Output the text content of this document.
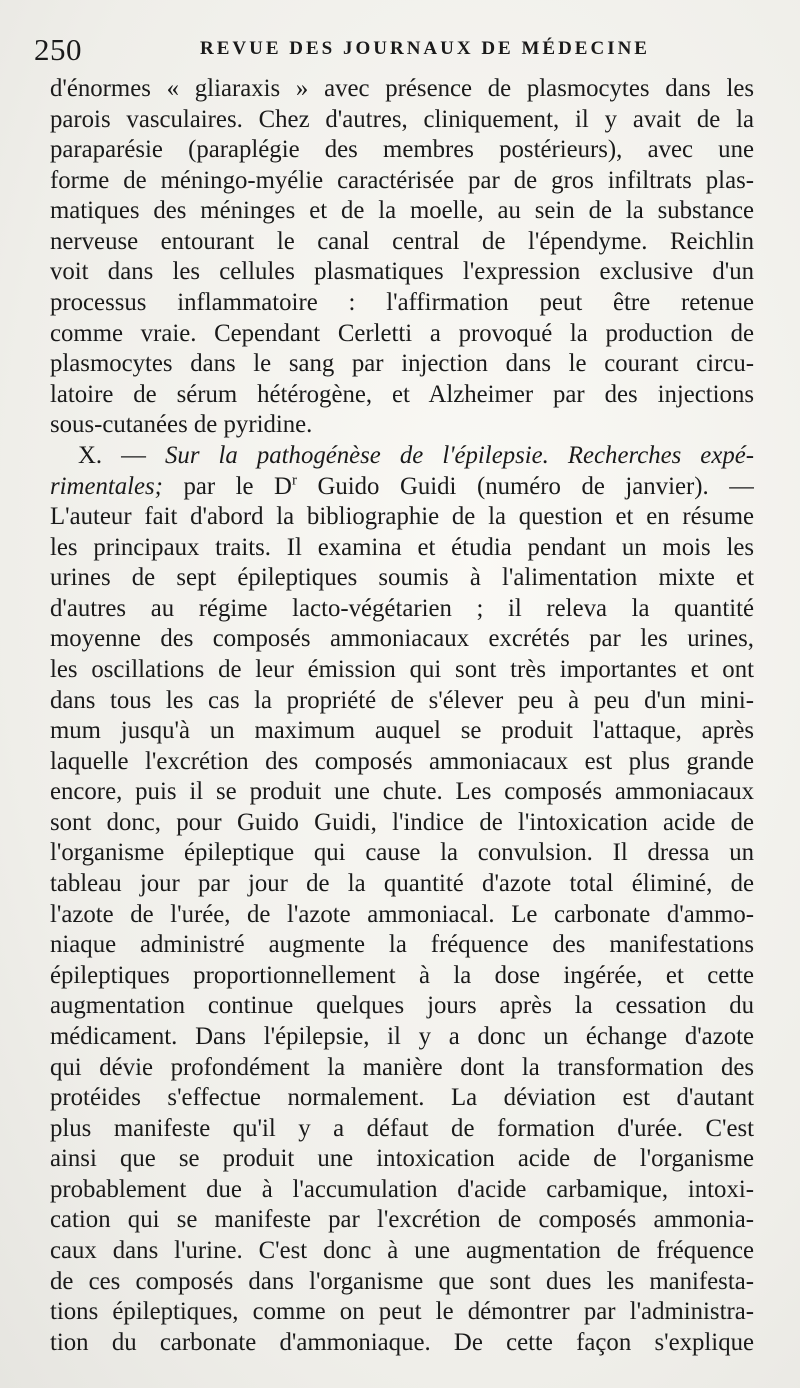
250	REVUE DES JOURNAUX DE MÉDECINE
d'énormes « gliaraxis » avec présence de plasmocytes dans les
parois vasculaires. Chez d'autres, cliniquement, il y avait de la
paraparésie (paraplégie des membres postérieurs), avec une
forme de méningo-myélie caractérisée par de gros infiltrats plas-
matiques des méninges et de la moelle, au sein de la substance
nerveuse entourant le canal central de l'épendyme. Reichlin
voit dans les cellules plasmatiques l'expression exclusive d'un
processus inflammatoire : l'affirmation peut être retenue
comme vraie. Cependant Cerletti a provoqué la production de
plasmocytes dans le sang par injection dans le courant circu-
latoire de sérum hétérogène, et Alzheimer par des injections
sous-cutanées de pyridine.
X. — Sur la pathogénèse de l'épilepsie. Recherches expé-
rimentales; par le $D^r$ Guido Guidi (numéro de janvier). —
L'auteur fait d'abord la bibliographie de la question et en résume
les principaux traits. Il examina et étudia pendant un mois les
urines de sept épileptiques soumis à l'alimentation mixte et
d'autres au régime lacto-végétarien ; il releva la quantité
moyenne des composés ammoniacaux excrétés par les urines,
les oscillations de leur émission qui sont très importantes et ont
dans tous les cas la propriété de s'élever peu à peu d'un mini-
mum jusqu'à un maximum auquel se produit l'attaque, après
laquelle l'excrétion des composés ammoniacaux est plus grande
encore, puis il se produit une chute. Les composés ammoniacaux
sont donc, pour Guido Guidi, l'indice de l'intoxication acide de
l'organisme épileptique qui cause la convulsion. Il dressa un
tableau jour par jour de la quantité d'azote total éliminé, de
l'azote de l'urée, de l'azote ammoniacal. Le carbonate d'ammo-
niaque administré augmente la fréquence des manifestations
épileptiques proportionnellement à la dose ingérée, et cette
augmentation continue quelques jours après la cessation du
médicament. Dans l'épilepsie, il y a donc un échange d'azote
qui dévie profondément la manière dont la transformation des
protéides s'effectue normalement. La déviation est d'autant
plus manifeste qu'il y a défaut de formation d'urée. C'est
ainsi que se produit une intoxication acide de l'organisme
probablement due à l'accumulation d'acide carbamique, intoxi-
cation qui se manifeste par l'excrétion de composés ammonia-
caux dans l'urine. C'est donc à une augmentation de fréquence
de ces composés dans l'organisme que sont dues les manifesta-
tions épileptiques, comme on peut le démontrer par l'administra-
tion du carbonate d'ammoniaque. De cette façon s'explique
